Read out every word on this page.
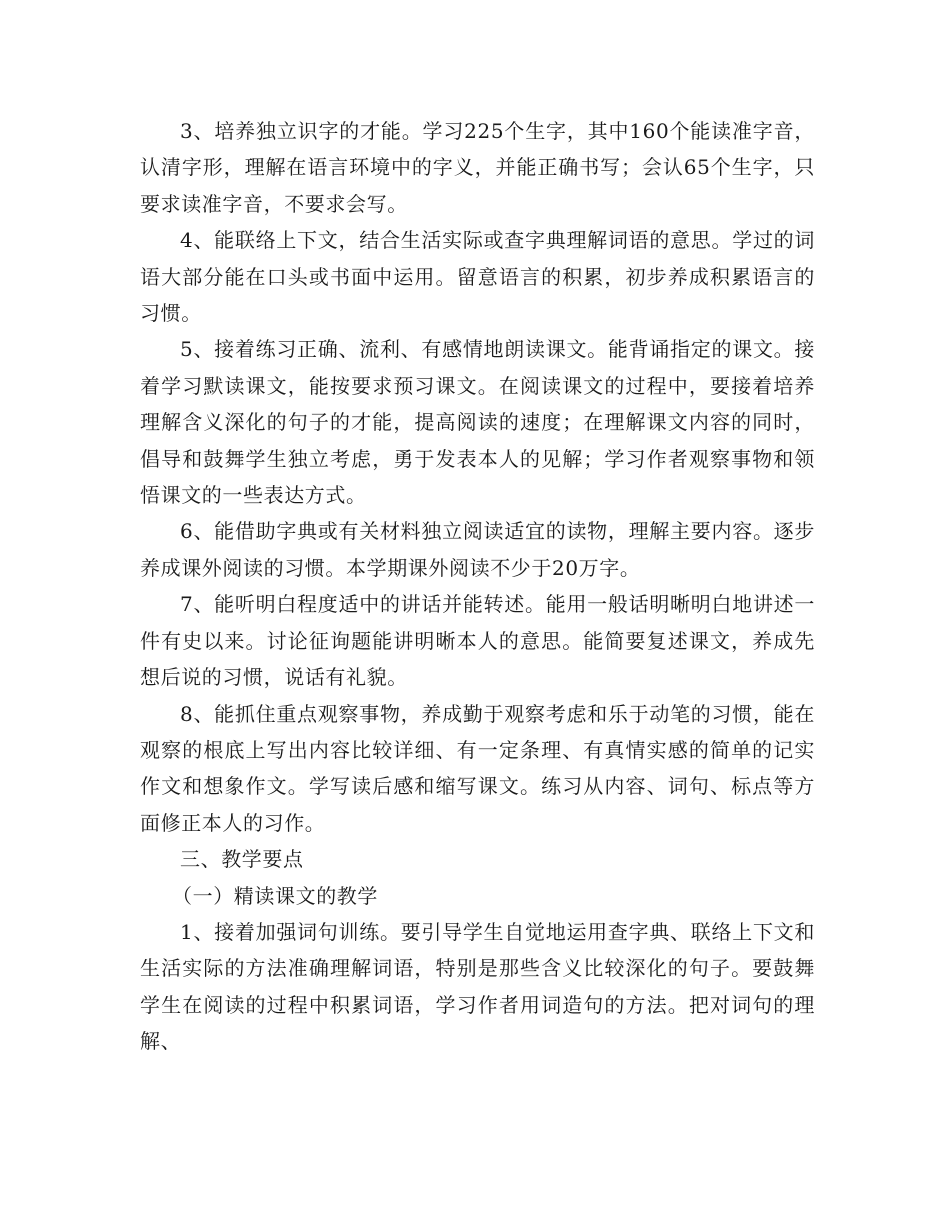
3、培养独立识字的才能。学习225个生字，其中160个能读准字音，认清字形，理解在语言环境中的字义，并能正确书写；会认65个生字，只要求读准字音，不要求会写。

4、能联络上下文，结合生活实际或查字典理解词语的意思。学过的词语大部分能在口头或书面中运用。留意语言的积累，初步养成积累语言的习惯。

5、接着练习正确、流利、有感情地朗读课文。能背诵指定的课文。接着学习默读课文，能按要求预习课文。在阅读课文的过程中，要接着培养理解含义深化的句子的才能，提高阅读的速度；在理解课文内容的同时，倡导和鼓舞学生独立考虑，勇于发表本人的见解；学习作者观察事物和领悟课文的一些表达方式。

6、能借助字典或有关材料独立阅读适宜的读物，理解主要内容。逐步养成课外阅读的习惯。本学期课外阅读不少于20万字。

7、能听明白程度适中的讲话并能转述。能用一般话明晰明白地讲述一件有史以来。讨论征询题能讲明晰本人的意思。能简要复述课文，养成先想后说的习惯，说话有礼貌。

8、能抓住重点观察事物，养成勤于观察考虑和乐于动笔的习惯，能在观察的根底上写出内容比较详细、有一定条理、有真情实感的简单的记实作文和想象作文。学写读后感和缩写课文。练习从内容、词句、标点等方面修正本人的习作。

三、教学要点

（一）精读课文的教学

1、接着加强词句训练。要引导学生自觉地运用查字典、联络上下文和生活实际的方法准确理解词语，特别是那些含义比较深化的句子。要鼓舞学生在阅读的过程中积累词语，学习作者用词造句的方法。把对词句的理解、
